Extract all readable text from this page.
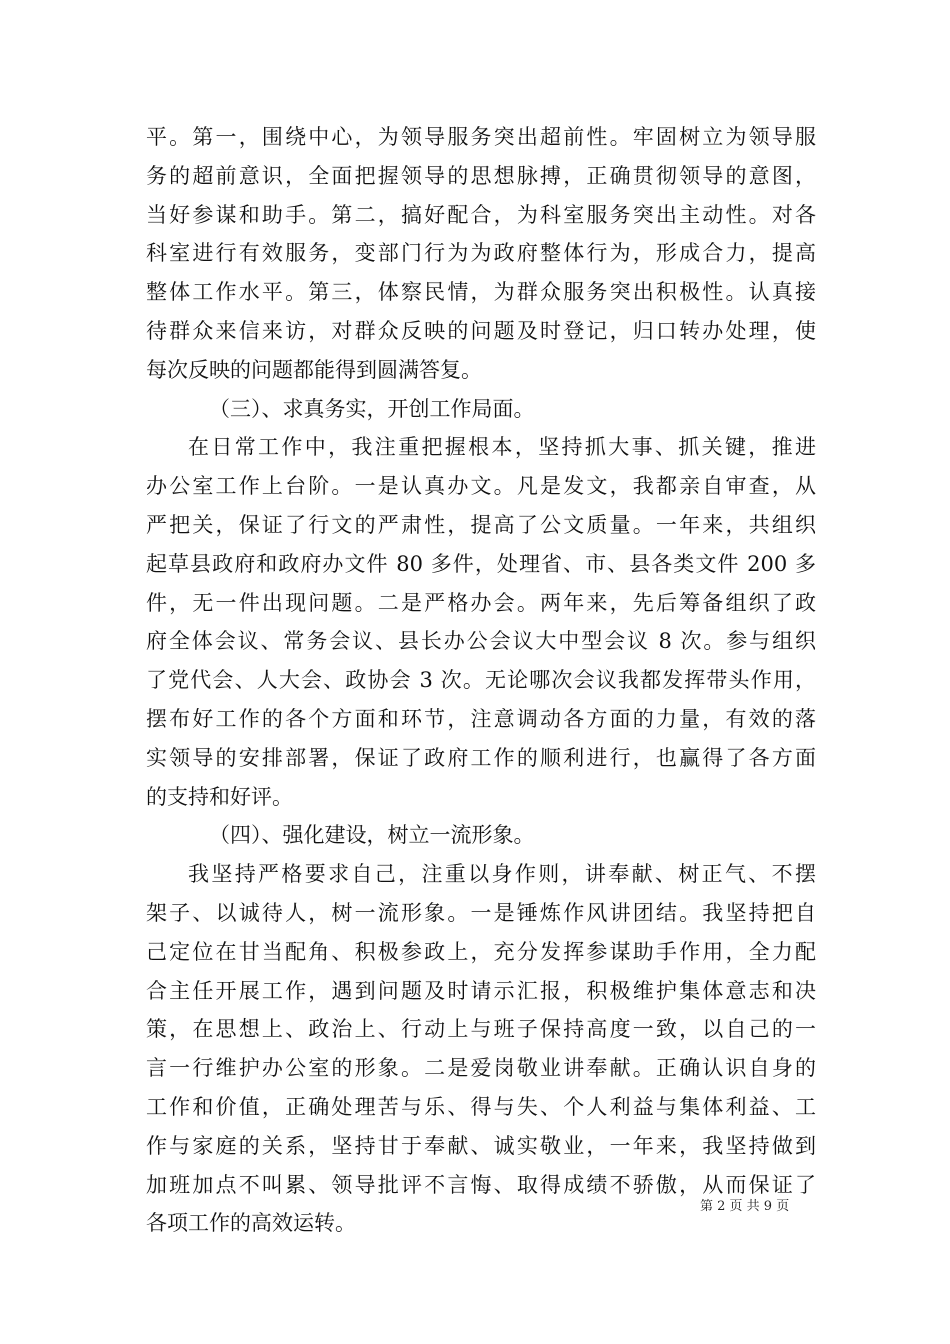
平。第一，围绕中心，为领导服务突出超前性。牢固树立为领导服
务的超前意识，全面把握领导的思想脉搏，正确贯彻领导的意图，
当好参谋和助手。第二，搞好配合，为科室服务突出主动性。对各
科室进行有效服务，变部门行为为政府整体行为，形成合力，提高
整体工作水平。第三，体察民情，为群众服务突出积极性。认真接
待群众来信来访，对群众反映的问题及时登记，归口转办处理，使
每次反映的问题都能得到圆满答复。
（三）、求真务实，开创工作局面。
在日常工作中，我注重把握根本，坚持抓大事、抓关键，推进
办公室工作上台阶。一是认真办文。凡是发文，我都亲自审查，从
严把关，保证了行文的严肃性，提高了公文质量。一年来，共组织
起草县政府和政府办文件 80 多件，处理省、市、县各类文件 200 多
件，无一件出现问题。二是严格办会。两年来，先后筹备组织了政
府全体会议、常务会议、县长办公会议大中型会议 8 次。参与组织
了党代会、人大会、政协会 3 次。无论哪次会议我都发挥带头作用，
摆布好工作的各个方面和环节，注意调动各方面的力量，有效的落
实领导的安排部署，保证了政府工作的顺利进行，也赢得了各方面
的支持和好评。
（四）、强化建设，树立一流形象。
我坚持严格要求自己，注重以身作则，讲奉献、树正气、不摆
架子、以诚待人，树一流形象。一是锤炼作风讲团结。我坚持把自
己定位在甘当配角、积极参政上，充分发挥参谋助手作用，全力配
合主任开展工作，遇到问题及时请示汇报，积极维护集体意志和决
策，在思想上、政治上、行动上与班子保持高度一致，以自己的一
言一行维护办公室的形象。二是爱岗敬业讲奉献。正确认识自身的
工作和价值，正确处理苦与乐、得与失、个人利益与集体利益、工
作与家庭的关系，坚持甘于奉献、诚实敬业，一年来，我坚持做到
加班加点不叫累、领导批评不言悔、取得成绩不骄傲，从而保证了
各项工作的高效运转。
第 2 页 共 9 页
